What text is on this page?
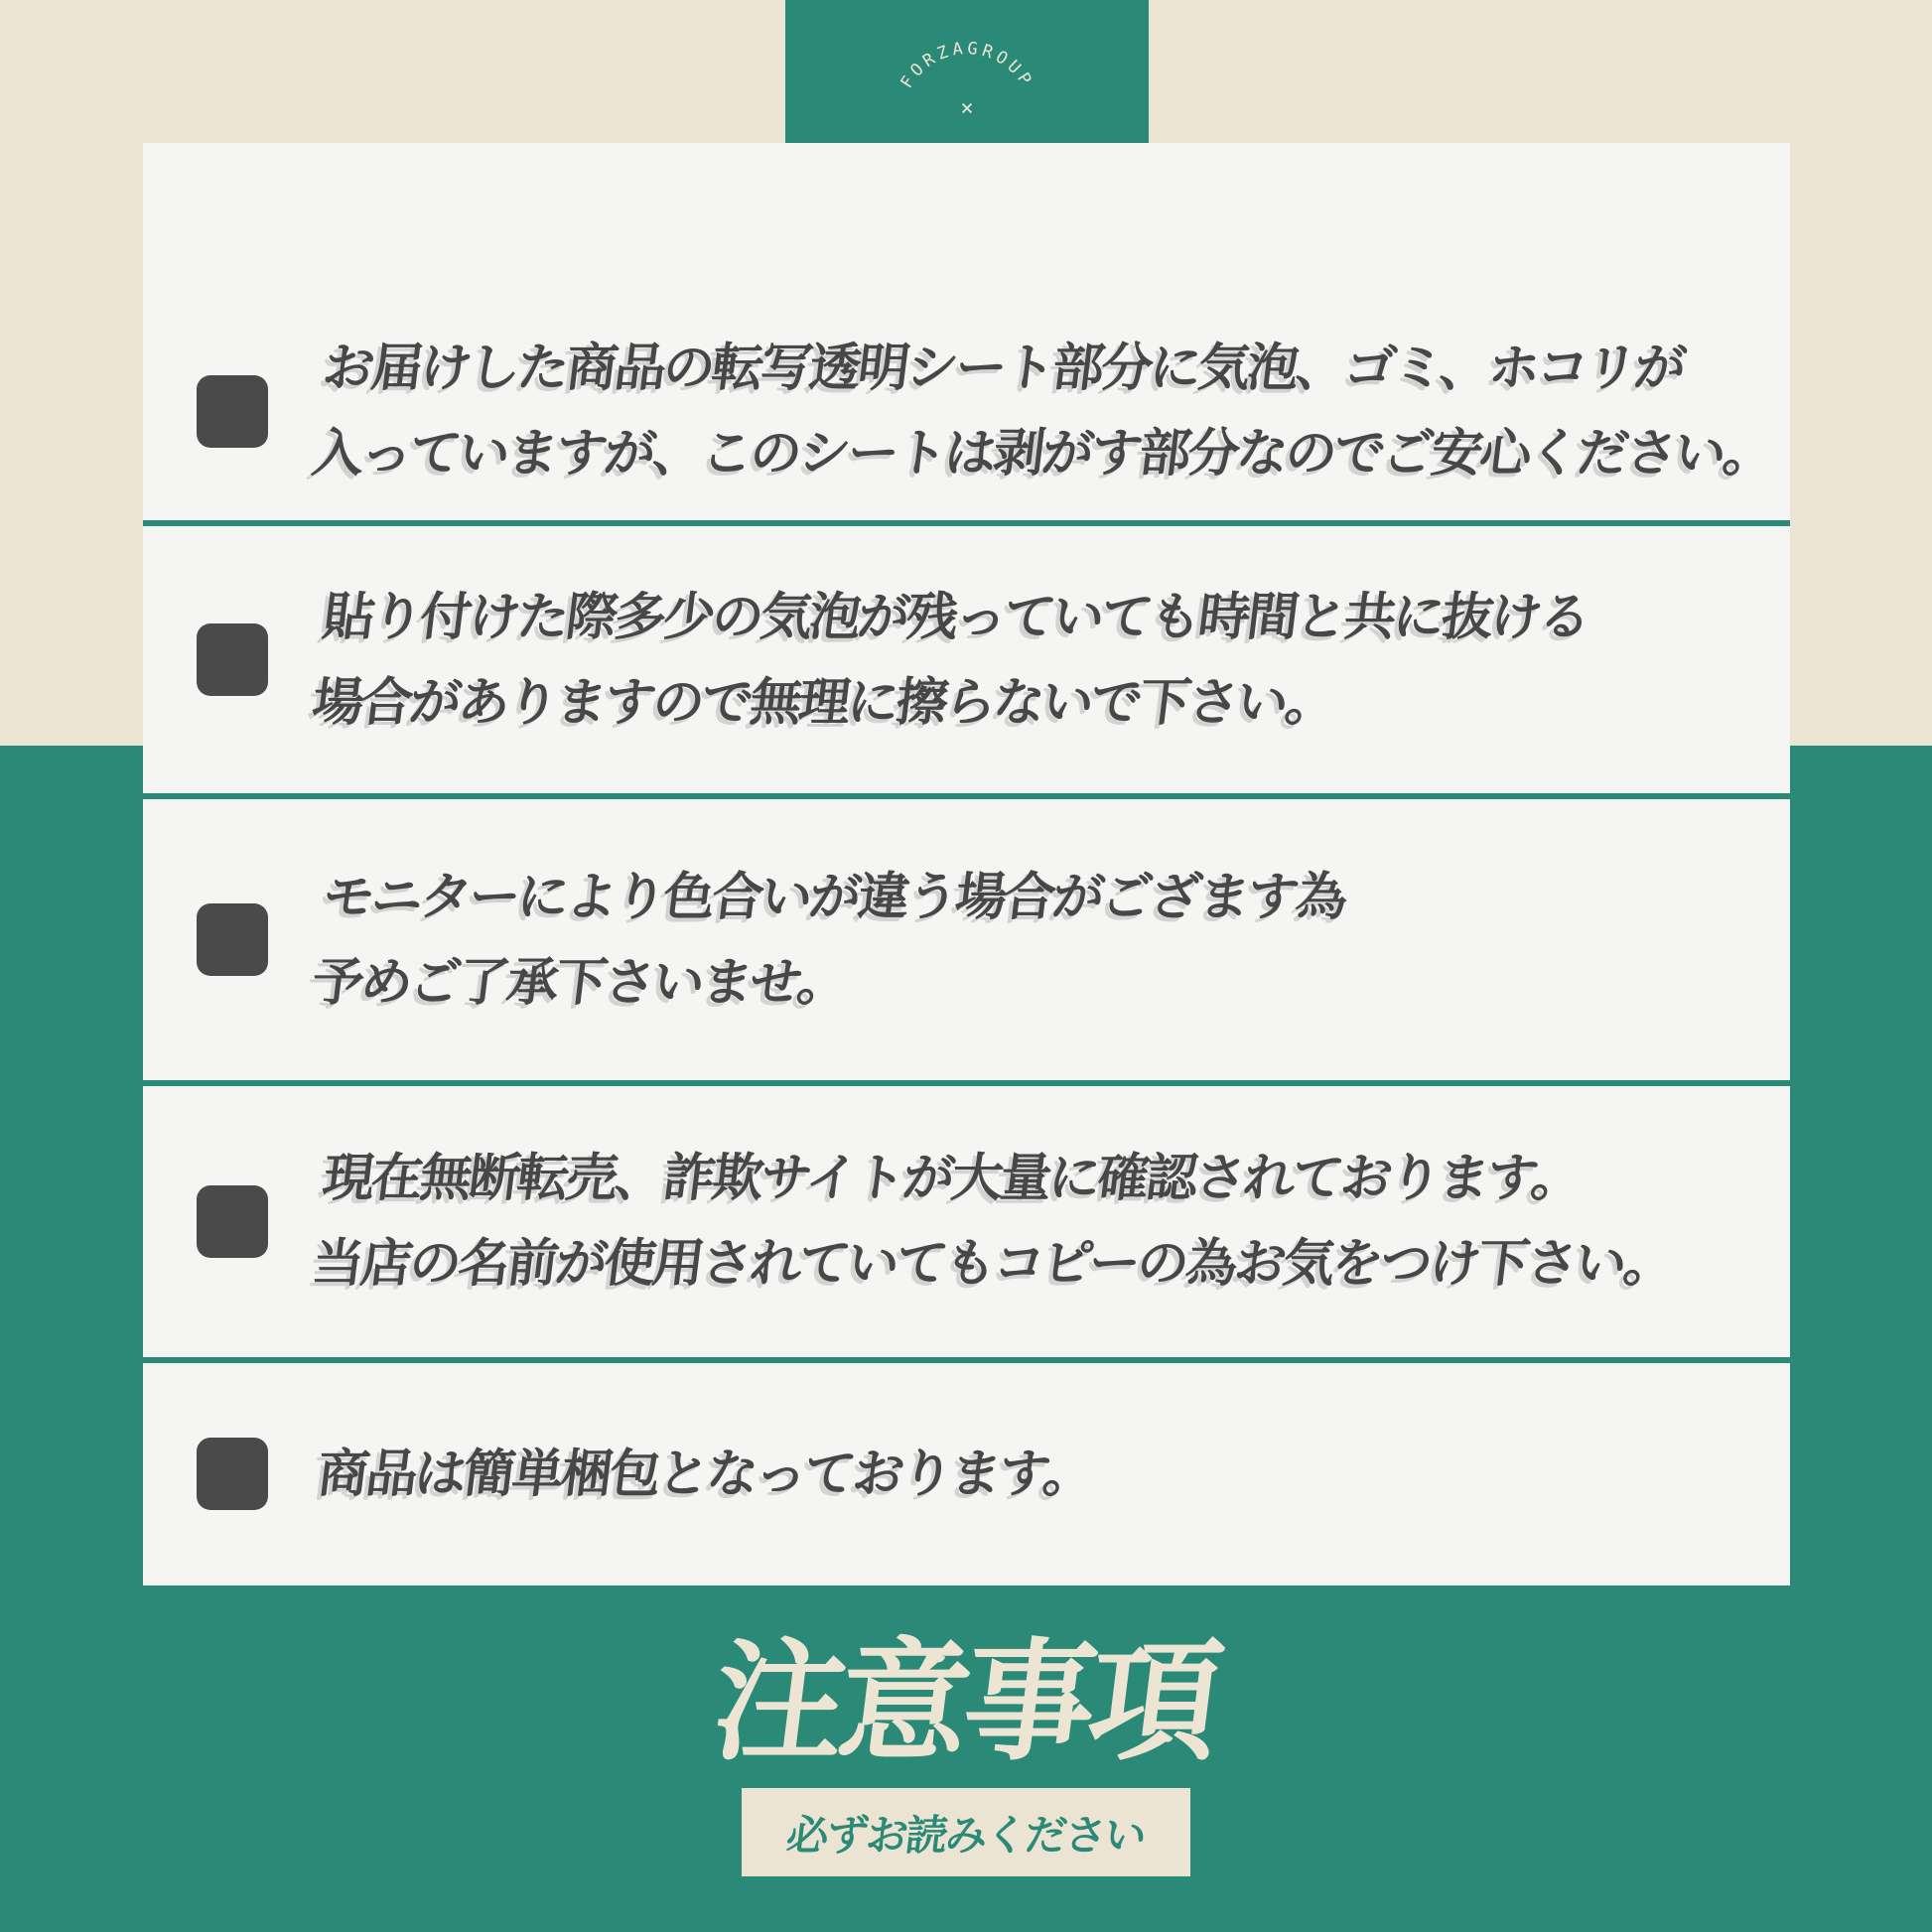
FORZAGROUP
×
お届けした商品の転写透明シート部分に気泡、ゴミ、ホコリが
入っていますが、このシートは剥がす部分なのでご安心ください。
貼り付けた際多少の気泡が残っていても時間と共に抜ける
場合がありますので無理に擦らないで下さい。
モニターにより色合いが違う場合がござます為
予めご了承下さいませ。
現在無断転売、詐欺サイトが大量に確認されております。
当店の名前が使用されていてもコピーの為お気をつけ下さい。
商品は簡単梱包となっております。
注意事項
必ずお読みください
